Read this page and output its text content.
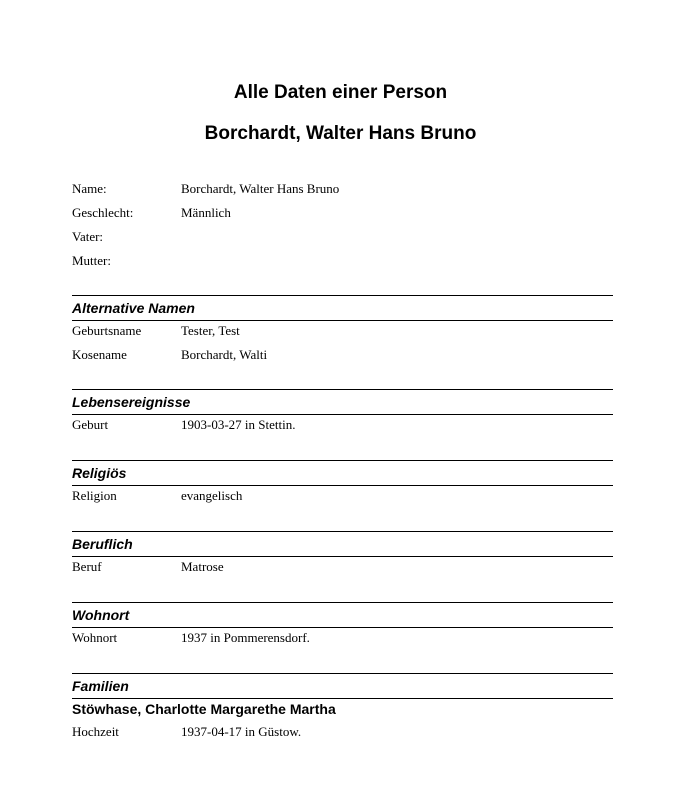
Alle Daten einer Person
Borchardt, Walter Hans Bruno
Name:	Borchardt, Walter Hans Bruno
Geschlecht:	Männlich
Vater:
Mutter:
Alternative Namen
Geburtsname	Tester, Test
Kosename	Borchardt, Walti
Lebensereignisse
Geburt	1903-03-27 in Stettin.
Religiös
Religion	evangelisch
Beruflich
Beruf	Matrose
Wohnort
Wohnort	1937 in Pommerensdorf.
Familien
Stöwhase, Charlotte Margarethe Martha
Hochzeit	1937-04-17 in Güstow.
